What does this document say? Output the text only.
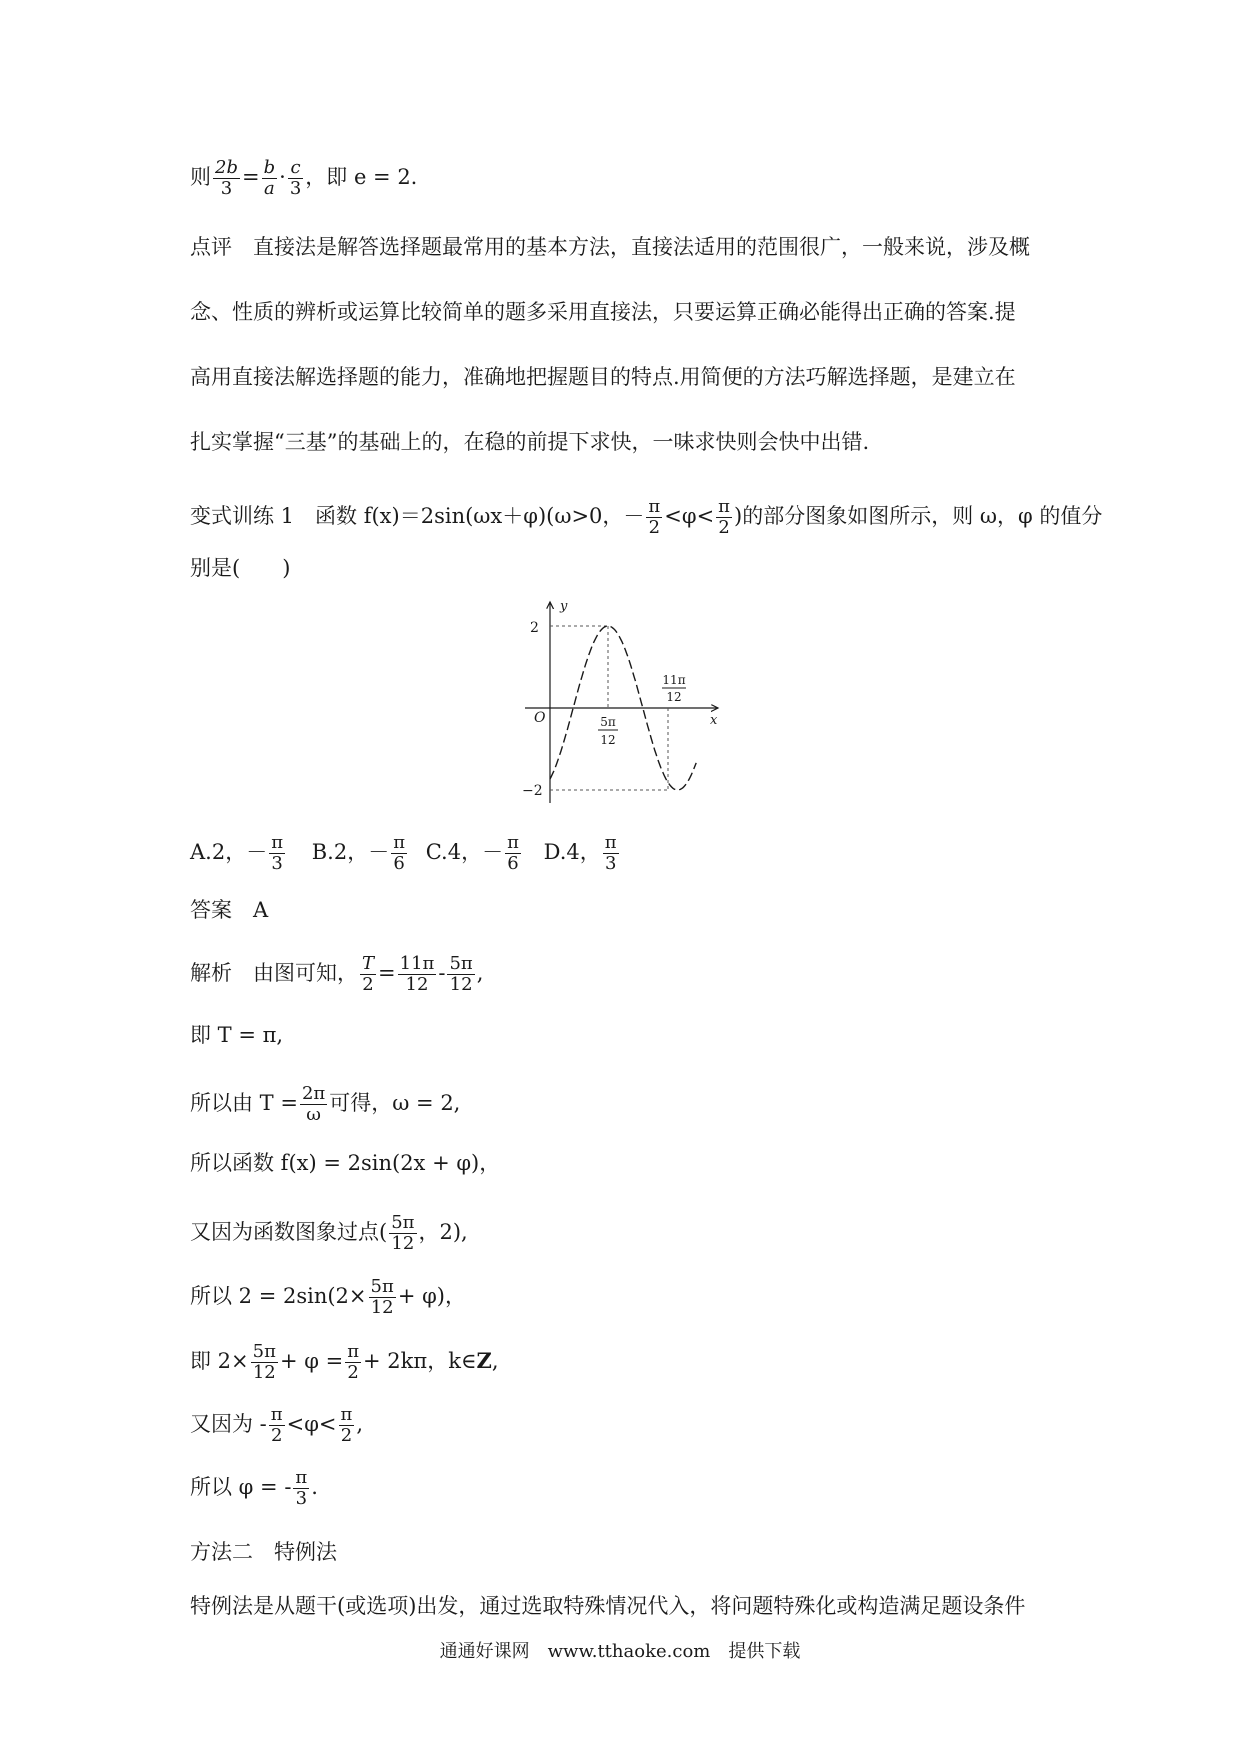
则 $\frac{2b}{3} = \frac{b}{a} \cdot \frac{c}{3}$ ，即 e = 2.
点评　直接法是解答选择题最常用的基本方法，直接法适用的范围很广，一般来说，涉及概
念、性质的辨析或运算比较简单的题多采用直接法，只要运算正确必能得出正确的答案.提
高用直接法解选择题的能力，准确地把握题目的特点.用简便的方法巧解选择题，是建立在
扎实掌握“三基”的基础上的，在稳的前提下求快，一味求快则会快中出错.
变式训练 1　函数 f(x)＝2sin(ωx＋φ)(ω>0，－ $\frac{\pi}{2} <\varphi< \frac{\pi}{2}$ )的部分图象如图所示，则 ω，φ 的值分
别是(　　)
y
x
O
2
−2
5π
12
11π
12
A.2，－ $\frac{\pi}{3} B.2$，－ $\frac{\pi}{6} C.4$，－ $\frac{\pi}{6} D.4$， $\frac{\pi}{3}$
答案　A
解析　由图可知， $\frac{T}{2} = \frac{11\pi}{12} - \frac{5\pi}{12}$ ,
即 T = π,
所以由 $T = \frac{2\pi}{\omega}$ 可得，ω = 2,
所以函数 f(x) = 2sin(2x + φ)，
又因为函数图象过点( $\frac{5\pi}{12}$ ，2),
所以 $2 = 2\sin(2\times \frac{5\pi}{12} + \varphi)$，
即 $2\times \frac{5\pi}{12} + \varphi = \frac{\pi}{2} + 2k\pi$，k∈Z,
又因为 - $\frac{\pi}{2} <\varphi< \frac{\pi}{2}$ ,
所以 φ = - $\frac{\pi}{3}$ .
方法二　特例法
特例法是从题干(或选项)出发，通过选取特殊情况代入，将问题特殊化或构造满足题设条件
通通好课网　www.tthaoke.com　提供下载
